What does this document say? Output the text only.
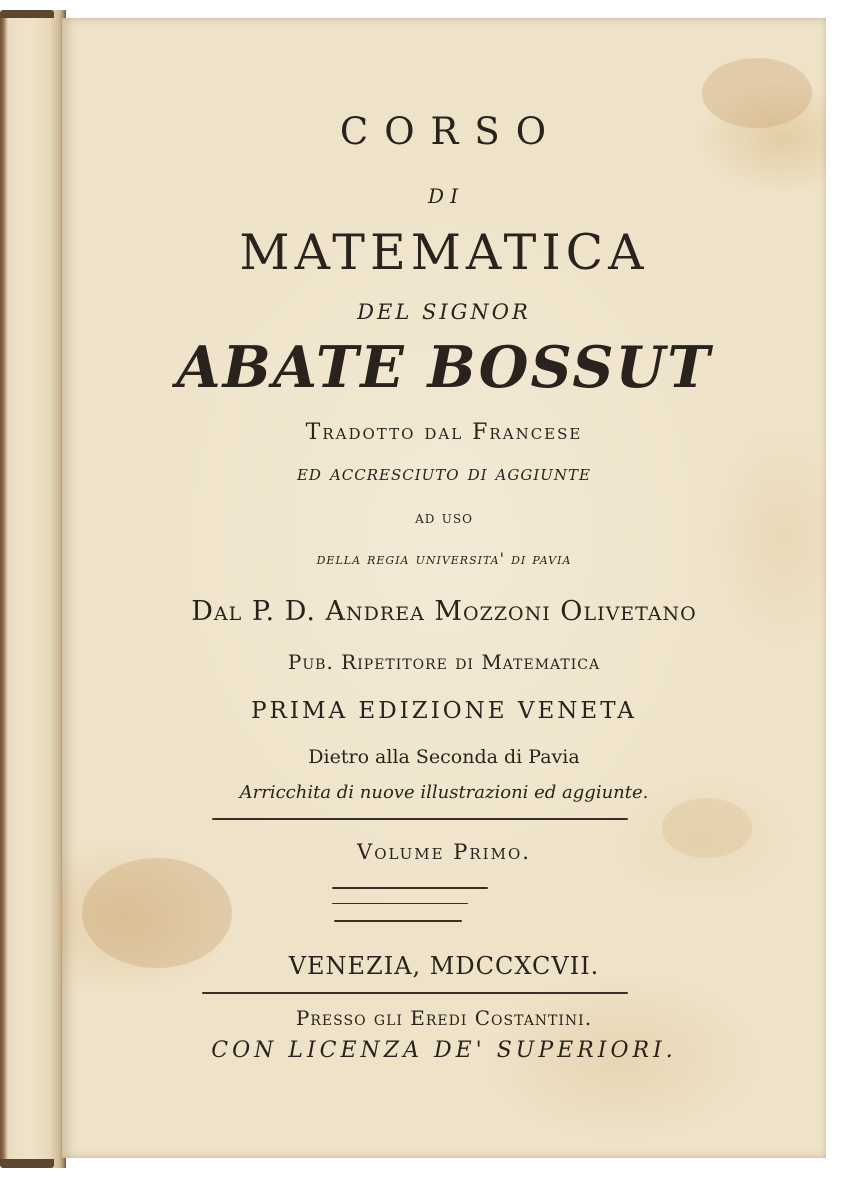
CORSO
DI
MATEMATICA
DEL SIGNOR
ABATE BOSSUT
Tradotto dal Francese
ed accresciuto di aggiunte
ad uso
della regia universita' di pavia
Dal P. D. Andrea Mozzoni Olivetano
Pub. Ripetitore di Matematica
PRIMA EDIZIONE VENETA
Dietro alla Seconda di Pavia
Arricchita di nuove illustrazioni ed aggiunte.
Volume Primo.
VENEZIA, MDCCXCVII.
Presso gli Eredi Costantini.
CON LICENZA DE' SUPERIORI.
